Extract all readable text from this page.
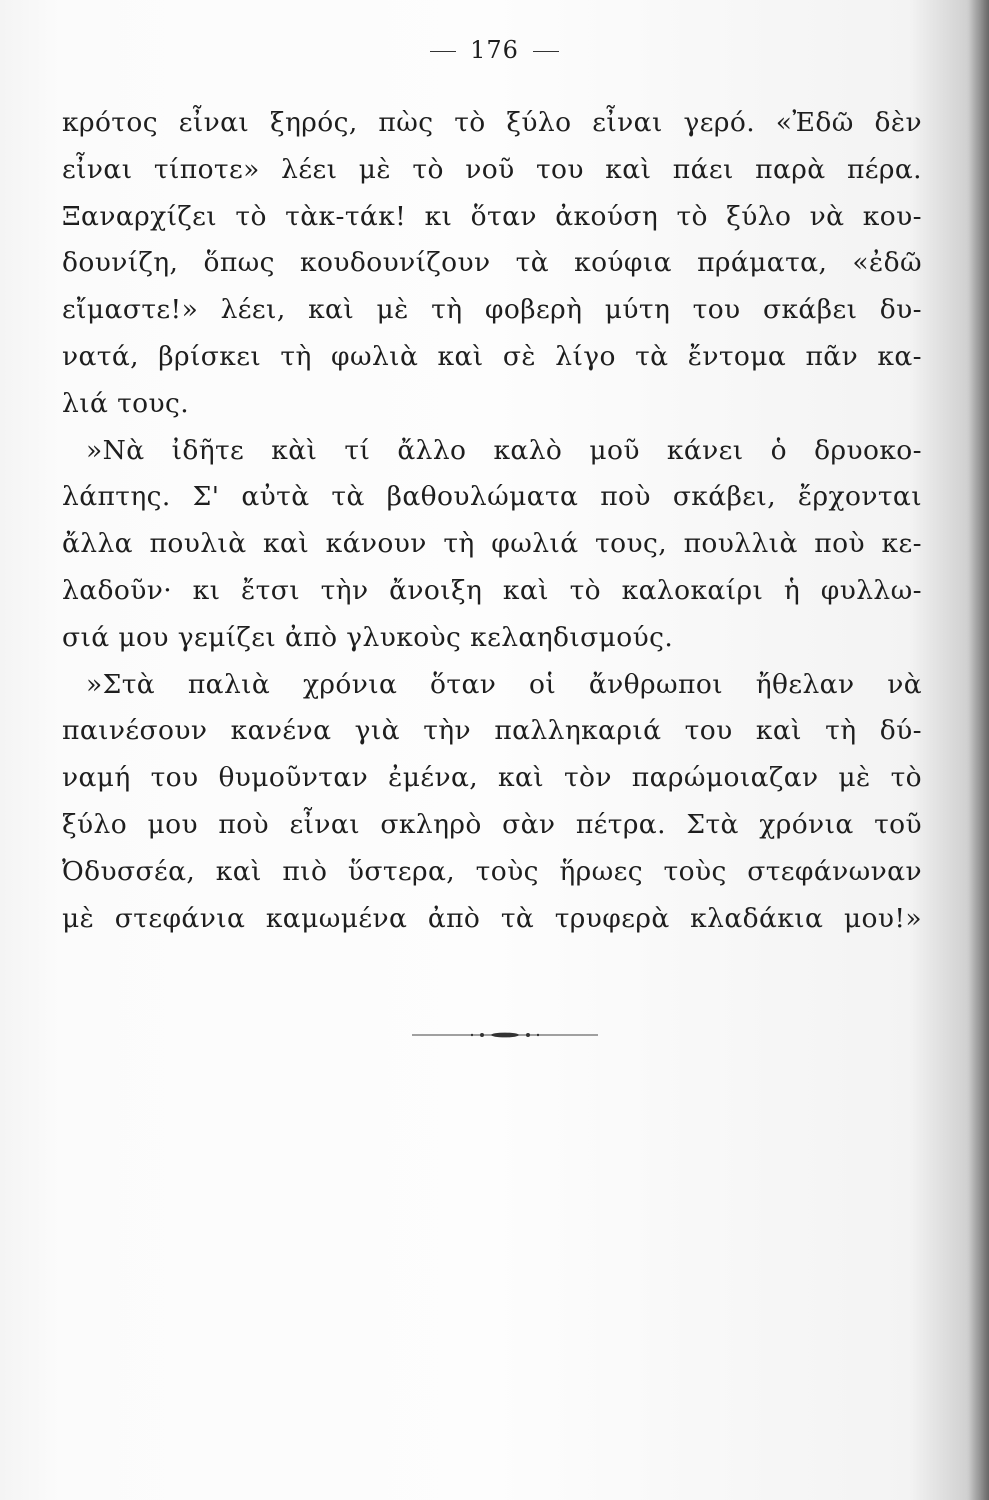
176
κρότος εἶναι ξηρός, πὼς τὸ ξύλο εἶναι γερό. «Ἐδῶ δὲν
εἶναι τίποτε» λέει μὲ τὸ νοῦ του καὶ πάει παρὰ πέρα.
Ξαναρχίζει τὸ τὰκ-τάκ! κι ὅταν ἀκούση τὸ ξύλο νὰ κου-
δουνίζη, ὅπως κουδουνίζουν τὰ κούφια πράματα, «ἐδῶ
εἴμαστε!» λέει, καὶ μὲ τὴ φοβερὴ μύτη του σκάβει δυ-
νατά, βρίσκει τὴ φωλιὰ καὶ σὲ λίγο τὰ ἔντομα πᾶν κα-
λιά τους.
»Νὰ ἰδῆτε κὰὶ τί ἄλλο καλὸ μοῦ κάνει ὁ δρυοκο-
λάπτης. Σ' αὐτὰ τὰ βαθουλώματα ποὺ σκάβει, ἔρχονται
ἄλλα πουλιὰ καὶ κάνουν τὴ φωλιά τους, πουλλιὰ ποὺ κε-
λαδοῦν· κι ἔτσι τὴν ἄνοιξη καὶ τὸ καλοκαίρι ἡ φυλλω-
σιά μου γεμίζει ἀπὸ γλυκοὺς κελαηδισμούς.
»Στὰ παλιὰ χρόνια ὅταν οἱ ἄνθρωποι ἤθελαν νὰ
παινέσουν κανένα γιὰ τὴν παλληκαριά του καὶ τὴ δύ-
ναμή του θυμοῦνταν ἐμένα, καὶ τὸν παρώμοιαζαν μὲ τὸ
ξύλο μου ποὺ εἶναι σκληρὸ σὰν πέτρα. Στὰ χρόνια τοῦ
Ὀδυσσέα, καὶ πιὸ ὕστερα, τοὺς ἥρωες τοὺς στεφάνωναν
μὲ στεφάνια καμωμένα ἀπὸ τὰ τρυφερὰ κλαδάκια μου!»
